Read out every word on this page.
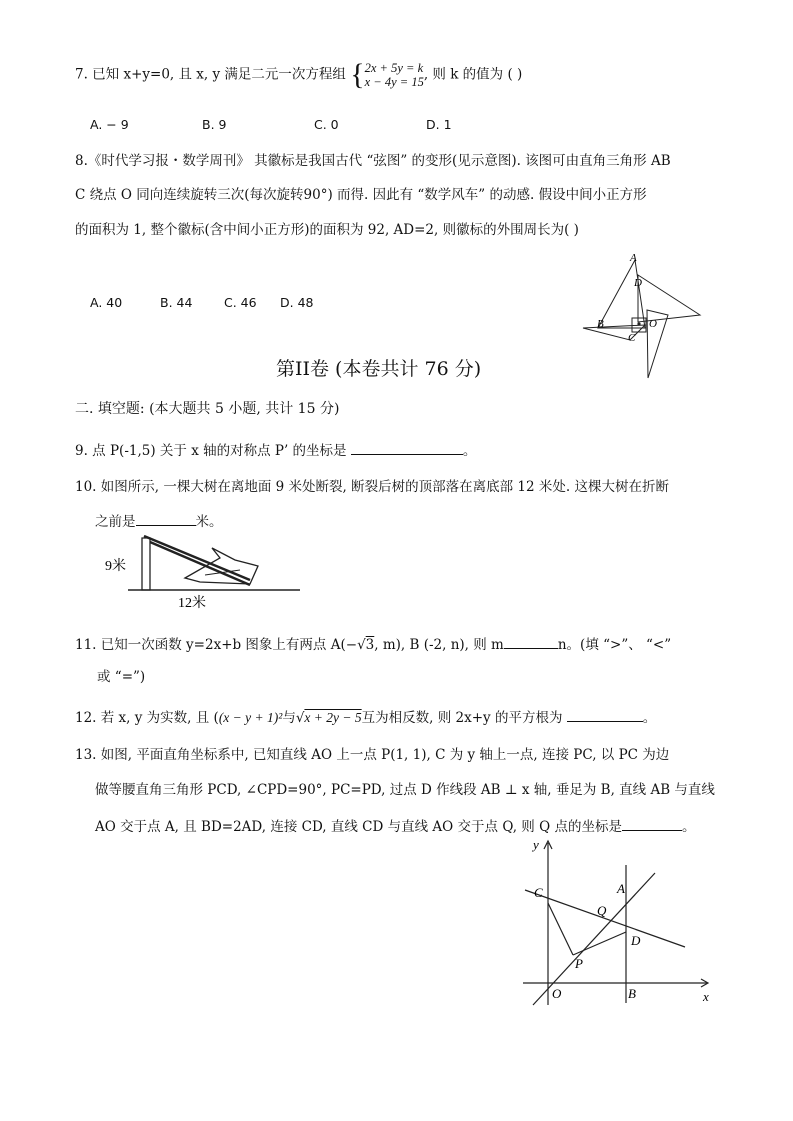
7. 已知 x+y=0, 且 x, y 满足二元一次方程组 {2x + 5y = k
x − 4y = 15, 则 k 的值为 ( )
A. − 9	B. 9	C. 0	D. 1
8.《时代学习报・数学周刊》 其徽标是我国古代 “弦图” 的变形(见示意图). 该图可由直角三角形 AB
C 绕点 O 同向连续旋转三次(每次旋转90°) 而得. 因此有 “数学风车” 的动感. 假设中间小正方形
的面积为 1, 整个徽标(含中间小正方形)的面积为 92, AD=2, 则徽标的外围周长为( )
A. 40	B. 44	C. 46 D. 48
A
D
B	O
C
第II卷 (本卷共计 76 分)
二. 填空题: (本大题共 5 小题, 共计 15 分)
9. 点 P(-1,5) 关于 x 轴的对称点 P’ 的坐标是	。
10. 如图所示, 一棵大树在离地面 9 米处断裂, 断裂后树的顶部落在离底部 12 米处. 这棵大树在折断
之前是	米。
9米
12米
11. 已知一次函数 y=2x+b 图象上有两点 A(−√3, m), B (-2, n), 则 m	n。(填 “>”、 “<”
或 “=”)
12. 若 x, y 为实数, 且 ((x − y + 1)²与√x + 2y − 5互为相反数, 则 2x+y 的平方根为	。
13. 如图, 平面直角坐标系中, 已知直线 AO 上一点 P(1, 1), C 为 y 轴上一点, 连接 PC, 以 PC 为边
做等腰直角三角形 PCD, ∠CPD=90°, PC=PD, 过点 D 作线段 AB ⊥ x 轴, 垂足为 B, 直线 AB 与直线
AO 交于点 A, 且 BD=2AD, 连接 CD, 直线 CD 与直线 AO 交于点 Q, 则 Q 点的坐标是	。
y
C	A
Q
D
P
O	B	x
